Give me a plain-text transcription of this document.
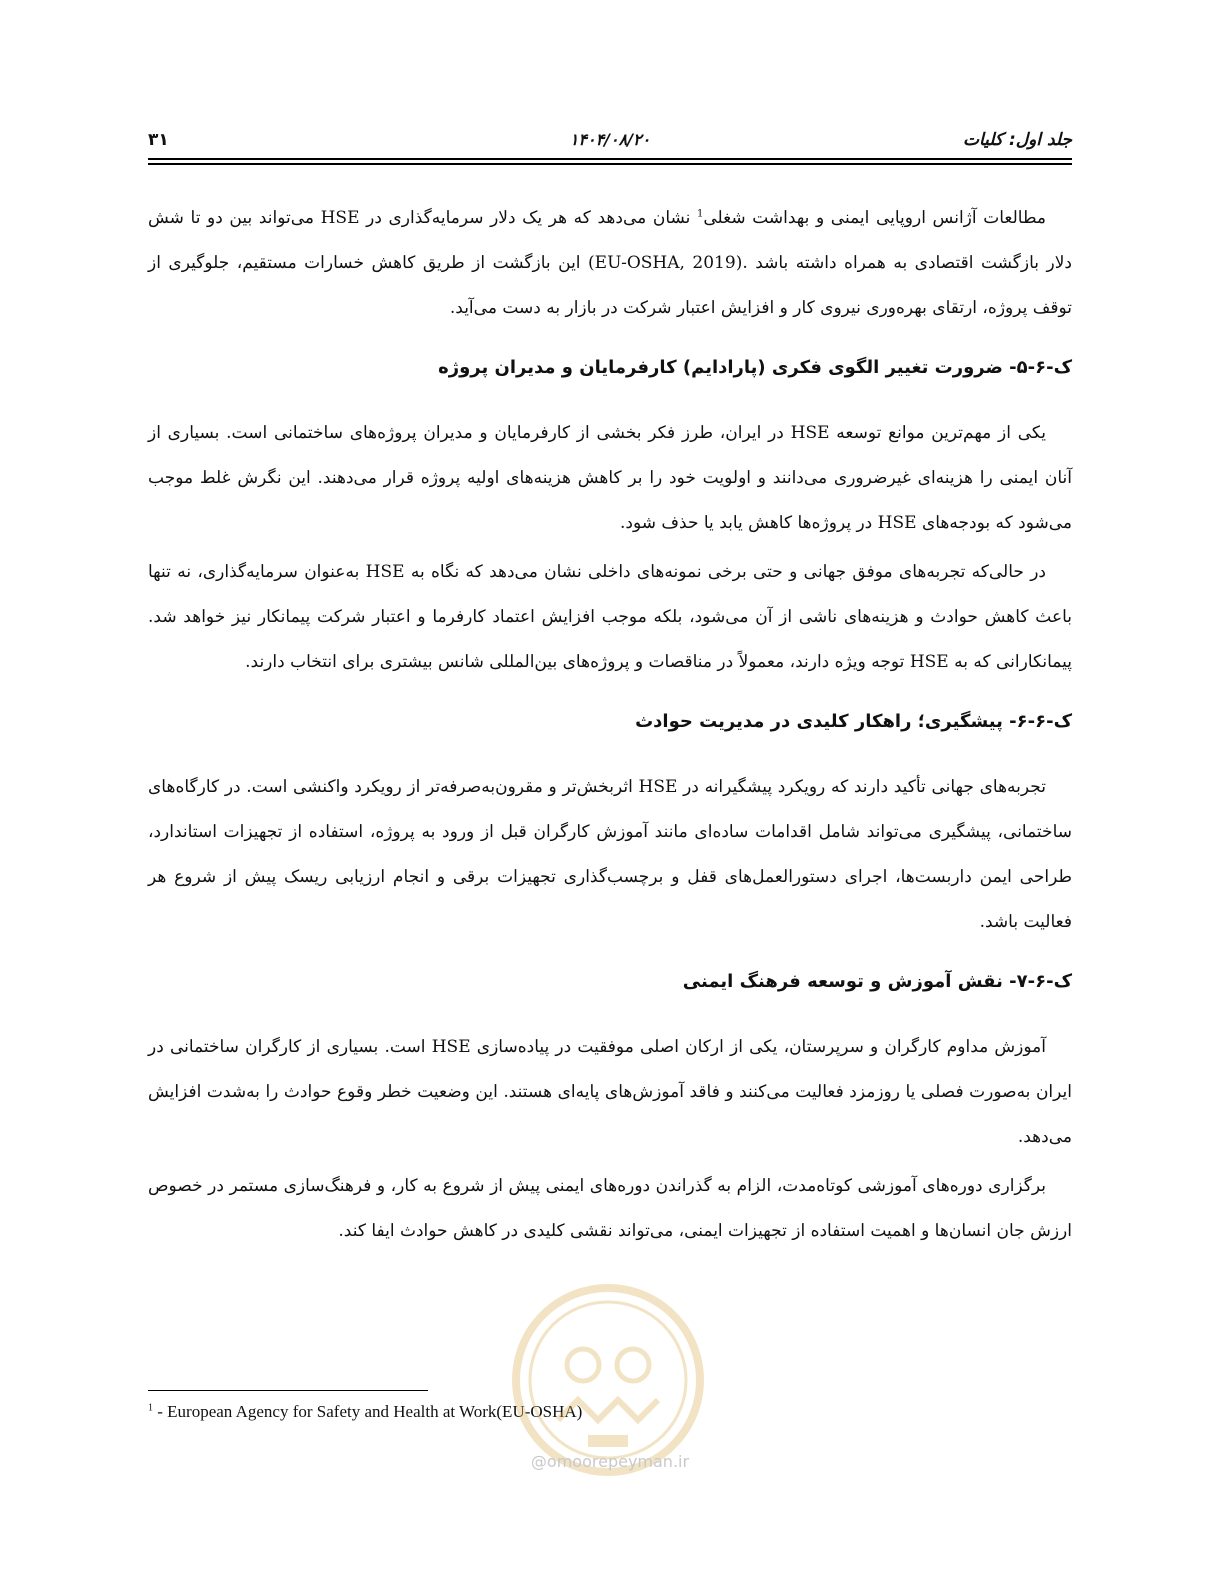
جلد اول: کلیات
۱۴۰۴/۰۸/۲۰
۳۱

مطالعات آژانس اروپایی ایمنی و بهداشت شغلی$^1$ نشان می‌دهد که هر یک دلار سرمایه‌گذاری در HSE می‌تواند بین دو تا شش دلار بازگشت اقتصادی به همراه داشته باشد .(EU-OSHA, 2019) این بازگشت از طریق کاهش خسارات مستقیم، جلوگیری از توقف پروژه، ارتقای بهره‌وری نیروی کار و افزایش اعتبار شرکت در بازار به دست می‌آید.

ک-۶-۵- ضرورت تغییر الگوی فکری (پارادایم) کارفرمایان و مدیران پروژه

یکی از مهم‌ترین موانع توسعه HSE در ایران، طرز فکر بخشی از کارفرمایان و مدیران پروژه‌های ساختمانی است. بسیاری از آنان ایمنی را هزینه‌ای غیرضروری می‌دانند و اولویت خود را بر کاهش هزینه‌های اولیه پروژه قرار می‌دهند. این نگرش غلط موجب می‌شود که بودجه‌های HSE در پروژه‌ها کاهش یابد یا حذف شود.

در حالی‌که تجربه‌های موفق جهانی و حتی برخی نمونه‌های داخلی نشان می‌دهد که نگاه به HSE به‌عنوان سرمایه‌گذاری، نه تنها باعث کاهش حوادث و هزینه‌های ناشی از آن می‌شود، بلکه موجب افزایش اعتماد کارفرما و اعتبار شرکت پیمانکار نیز خواهد شد. پیمانکارانی که به HSE توجه ویژه دارند، معمولاً در مناقصات و پروژه‌های بین‌المللی شانس بیشتری برای انتخاب دارند.

ک-۶-۶- پیشگیری؛ راهکار کلیدی در مدیریت حوادث

تجربه‌های جهانی تأکید دارند که رویکرد پیشگیرانه در HSE اثربخش‌تر و مقرون‌به‌صرفه‌تر از رویکرد واکنشی است. در کارگاه‌های ساختمانی، پیشگیری می‌تواند شامل اقدامات ساده‌ای مانند آموزش کارگران قبل از ورود به پروژه، استفاده از تجهیزات استاندارد، طراحی ایمن داربست‌ها، اجرای دستورالعمل‌های قفل و برچسب‌گذاری تجهیزات برقی و انجام ارزیابی ریسک پیش از شروع هر فعالیت باشد.

ک-۶-۷- نقش آموزش و توسعه فرهنگ ایمنی

آموزش مداوم کارگران و سرپرستان، یکی از ارکان اصلی موفقیت در پیاده‌سازی HSE است. بسیاری از کارگران ساختمانی در ایران به‌صورت فصلی یا روزمزد فعالیت می‌کنند و فاقد آموزش‌های پایه‌ای هستند. این وضعیت خطر وقوع حوادث را به‌شدت افزایش می‌دهد.

برگزاری دوره‌های آموزشی کوتاه‌مدت، الزام به گذراندن دوره‌های ایمنی پیش از شروع به کار، و فرهنگ‌سازی مستمر در خصوص ارزش جان انسان‌ها و اهمیت استفاده از تجهیزات ایمنی، می‌تواند نقشی کلیدی در کاهش حوادث ایفا کند.

$^1$ - European Agency for Safety and Health at Work(EU-OSHA)
@omoorepeyman.ir
